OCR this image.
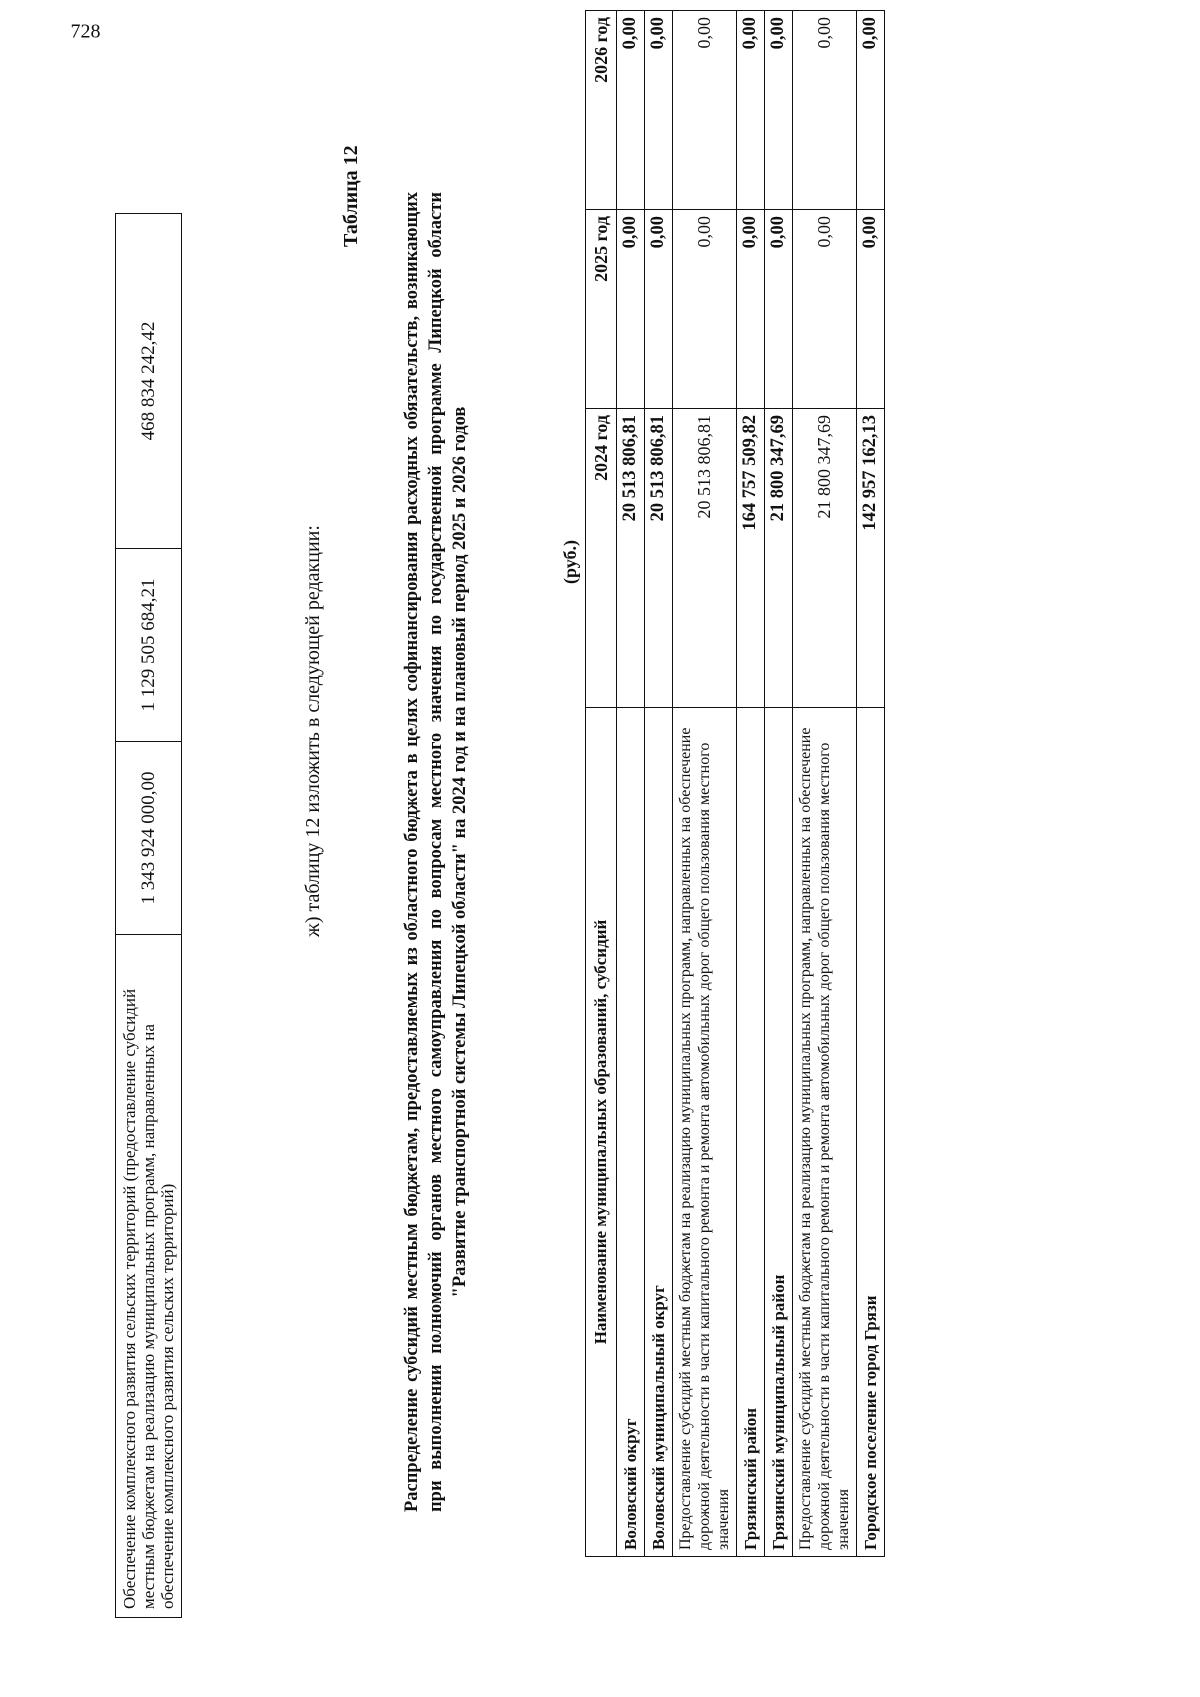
728
Обеспечение комплексного развития сельских территорий (предоставление субсидий местным бюджетам на реализацию муниципальных программ, направленных на обеспечение комплексного развития сельских территорий)	1 343 924 000,00	1 129 505 684,21	468 834 242,42
ж) таблицу 12 изложить в следующей редакции:
Таблица 12 Распределение субсидий местным бюджетам, предоставляемых из областного бюджета в целях софинансирования расходных обязательств, возникающих при выполнении полномочий органов местного самоуправления по вопросам местного значения по государственной программе Липецкой области "Развитие транспортной системы Липецкой области" на 2024 год и на плановый период 2025 и 2026 годов	(руб.)
Наименование муниципальных образований, субсидий	2024 год	2025 год	2026 год
Воловский округ	20 513 806,81	0,00	0,00
Воловский муниципальный округ	20 513 806,81	0,00	0,00
Предоставление субсидий местным бюджетам на реализацию муниципальных программ, направленных на обеспечение дорожной деятельности в части капитального ремонта и ремонта автомобильных дорог общего пользования местного значения	20 513 806,81	0,00	0,00
Грязинский район	164 757 509,82	0,00	0,00
Грязинский муниципальный район	21 800 347,69	0,00	0,00
Предоставление субсидий местным бюджетам на реализацию муниципальных программ, направленных на обеспечение дорожной деятельности в части капитального ремонта и ремонта автомобильных дорог общего пользования местного значения	21 800 347,69	0,00	0,00
Городское поселение город Грязи	142 957 162,13	0,00	0,00
